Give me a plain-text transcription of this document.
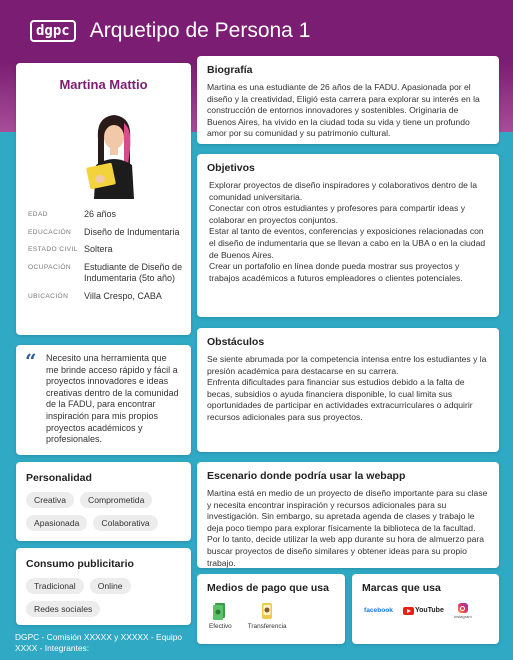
dgpc Arquetipo de Persona 1
Martina Mattio
EDAD	26 años
EDUCACIÓN	Diseño de Indumentaria
ESTADO CIVIL Soltera
OCUPACIÓN	Estudiante de Diseño de Indumentaria (5to año)
UBICACIÓN	Villa Crespo, CABA
“ Necesito una herramienta que me brinde acceso rápido y fácil a proyectos innovadores e ideas creativas dentro de la comunidad de la FADU, para encontrar inspiración para mis propios proyectos académicos y profesionales.
Personalidad
Creativa	Comprometida
Apasionada	Colaborativa
Consumo publicitario
Tradicional	Online
Redes sociales
DGPC - Comisión XXXXX y XXXXX - Equipo XXXX - Integrantes:
Biografía

Martina es una estudiante de 26 años de la FADU. Apasionada por el diseño y la creatividad, Eligió esta carrera para explorar su interés en la construcción de entornos innovadores y sostenibles. Originaria de Buenos Aires, ha vivido en la ciudad toda su vida y tiene un profundo amor por su comunidad y su patrimonio cultural.

Objetivos

Explorar proyectos de diseño inspiradores y colaborativos dentro de la comunidad universitaria.

Conectar con otros estudiantes y profesores para compartir ideas y colaborar en proyectos conjuntos.

Estar al tanto de eventos, conferencias y exposiciones relacionadas con el diseño de indumentaria que se llevan a cabo en la UBA o en la ciudad de Buenos Aires.

Crear un portafolio en línea donde pueda mostrar sus proyectos y trabajos académicos a futuros empleadores o clientes potenciales.

Obstáculos

Se siente abrumada por la competencia intensa entre los estudiantes y la presión académica para destacarse en su carrera.

Enfrenta dificultades para financiar sus estudios debido a la falta de becas, subsidios o ayuda financiera disponible, lo cual limita sus oportunidades de participar en actividades extracurriculares o adquirir recursos adicionales para sus proyectos.

Escenario donde podría usar la webapp

Martina está en medio de un proyecto de diseño importante para su clase y necesita encontrar inspiración y recursos adicionales para su investigación. Sin embargo, su apretada agenda de clases y trabajo le deja poco tiempo para explorar físicamente la biblioteca de la facultad. Por lo tanto, decide utilizar la web app durante su hora de almuerzo para buscar proyectos de diseño similares y obtener ideas para su propio trabajo.

Medios de pago que usa
Efectivo	Transferencia
Marcas que usa
facebook	YouTube
Instagram
